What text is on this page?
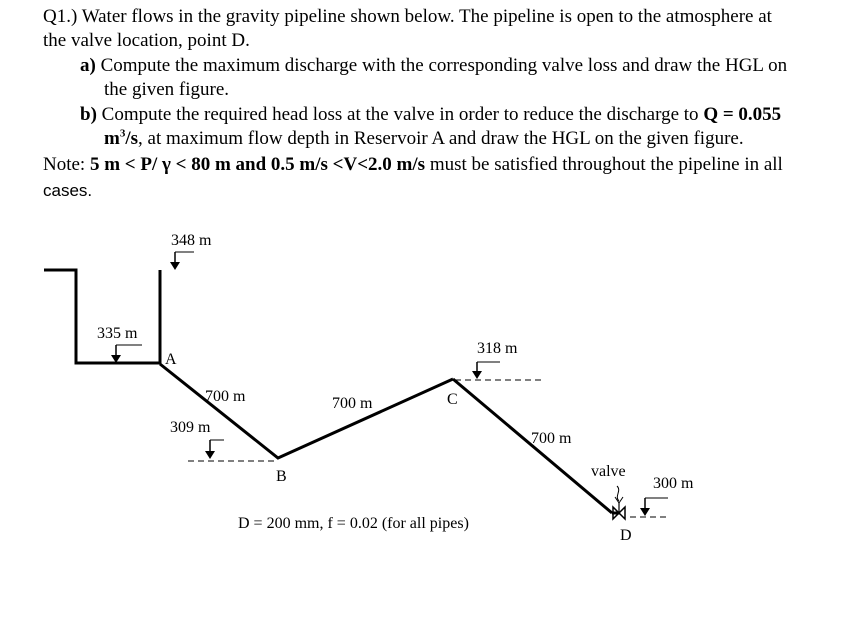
Q1.) Water flows in the gravity pipeline shown below. The pipeline is open to the atmosphere at
the valve location, point D.
a) Compute the maximum discharge with the corresponding valve loss and draw the HGL on
the given figure.
b) Compute the required head loss at the valve in order to reduce the discharge to Q = 0.055
$m^3/s$, at maximum flow depth in Reservoir A and draw the HGL on the given figure.
Note: 5 m < P/ γ < 80 m and 0.5 m/s <V<2.0 m/s must be satisfied throughout the pipeline in all
cases.
348 m
335 m
A
700 m
309 m
B
700 m	C
318 m
700 m
valve
300 m
D
D = 200 mm, f = 0.02 (for all pipes)
